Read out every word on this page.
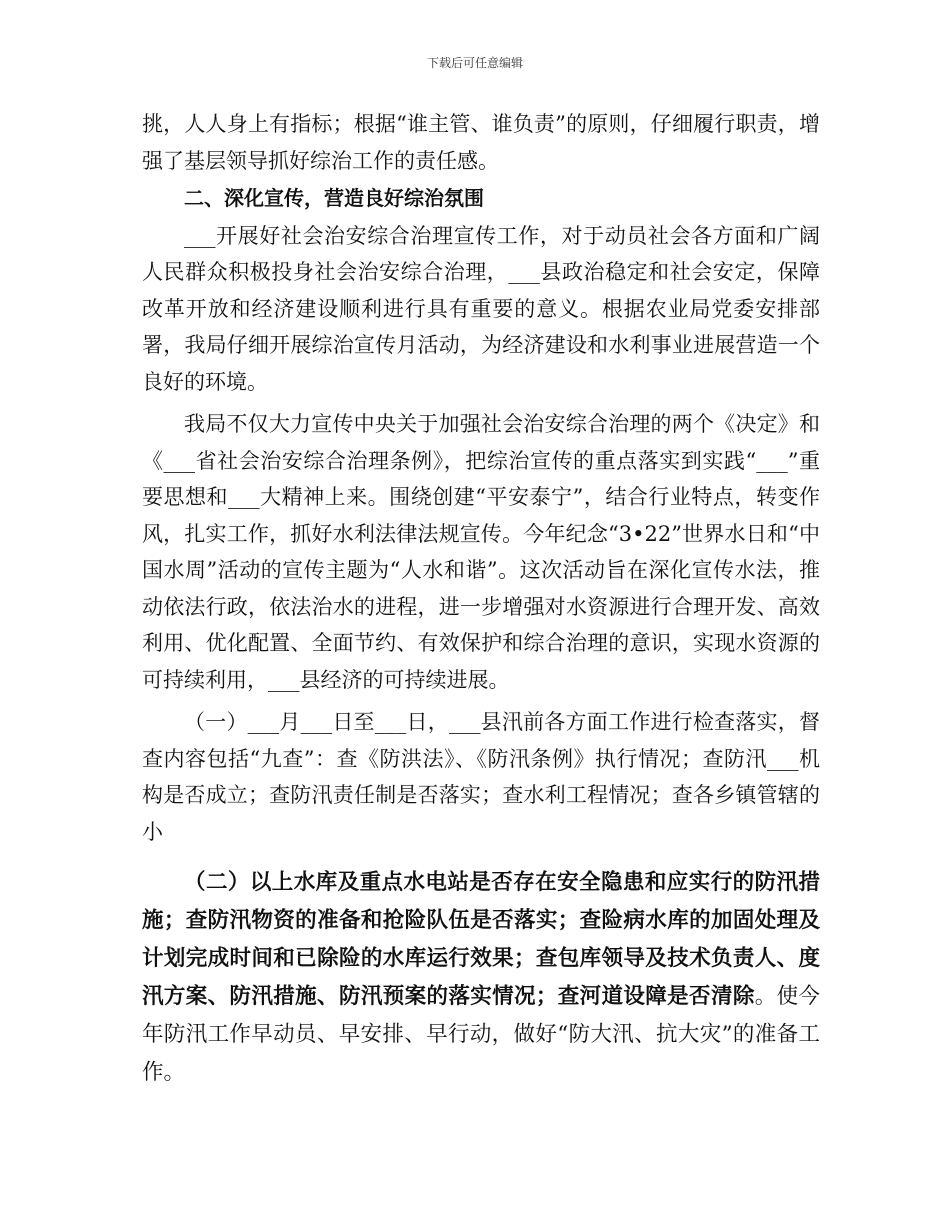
下载后可任意编辑

挑，人人身上有指标；根据“谁主管、谁负责”的原则，仔细履行职责，增强了基层领导抓好综治工作的责任感。

二、深化宣传，营造良好综治氛围

___开展好社会治安综合治理宣传工作，对于动员社会各方面和广阔人民群众积极投身社会治安综合治理，___县政治稳定和社会安定，保障改革开放和经济建设顺利进行具有重要的意义。根据农业局党委安排部署，我局仔细开展综治宣传月活动，为经济建设和水利事业进展营造一个良好的环境。

我局不仅大力宣传中央关于加强社会治安综合治理的两个《决定》和《___省社会治安综合治理条例》，把综治宣传的重点落实到实践“___”重要思想和___大精神上来。围绕创建“平安泰宁”，结合行业特点，转变作风，扎实工作，抓好水利法律法规宣传。今年纪念“3•22”世界水日和“中国水周”活动的宣传主题为“人水和谐”。这次活动旨在深化宣传水法，推动依法行政，依法治水的进程，进一步增强对水资源进行合理开发、高效利用、优化配置、全面节约、有效保护和综合治理的意识，实现水资源的可持续利用，___县经济的可持续进展。

（一）___月___日至___日，___县汛前各方面工作进行检查落实，督查内容包括“九查”：查《防洪法》、《防汛条例》执行情况；查防汛___机构是否成立；查防汛责任制是否落实；查水利工程情况；查各乡镇管辖的小

（二）以上水库及重点水电站是否存在安全隐患和应实行的防汛措施；查防汛物资的准备和抢险队伍是否落实；查险病水库的加固处理及计划完成时间和已除险的水库运行效果；查包库领导及技术负责人、度汛方案、防汛措施、防汛预案的落实情况；查河道设障是否清除。使今年防汛工作早动员、早安排、早行动，做好“防大汛、抗大灾”的准备工作。
